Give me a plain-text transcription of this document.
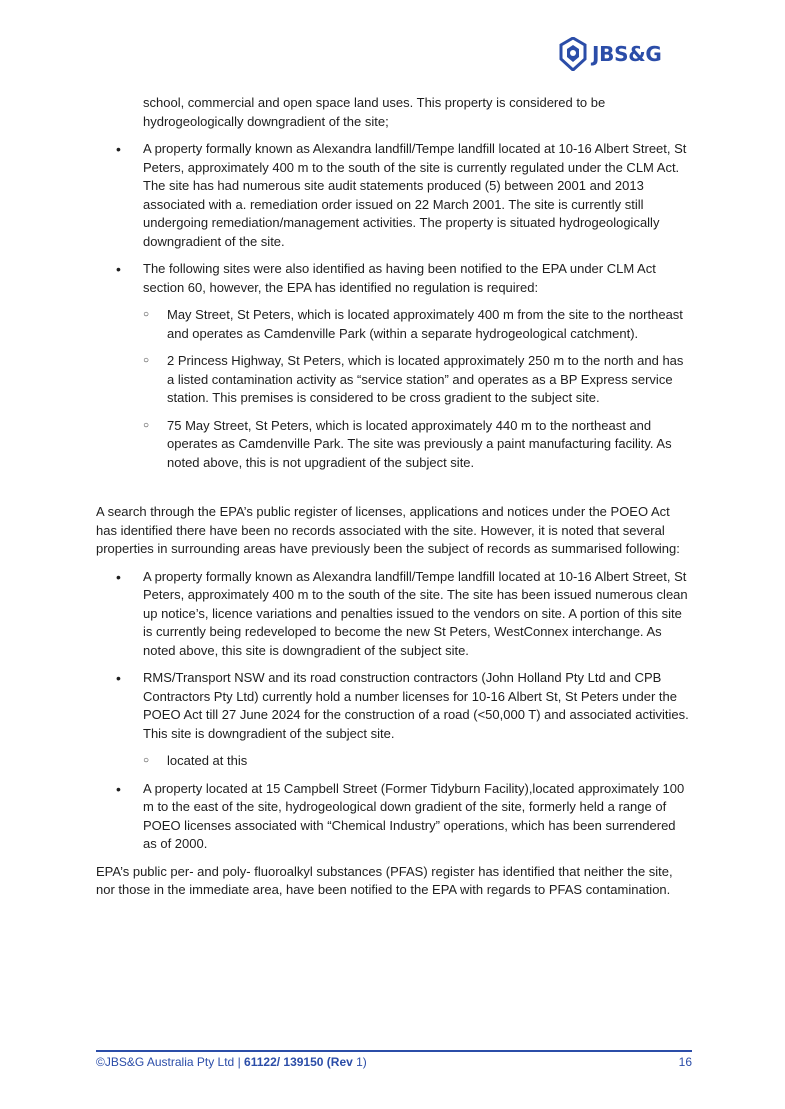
JBS&G

school, commercial and open space land uses. This property is considered to be hydrogeologically downgradient of the site;

• A property formally known as Alexandra landfill/Tempe landfill located at 10-16 Albert Street, St Peters, approximately 400 m to the south of the site is currently regulated under the CLM Act. The site has had numerous site audit statements produced (5) between 2001 and 2013 associated with a. remediation order issued on 22 March 2001. The site is currently still undergoing remediation/management activities. The property is situated hydrogeologically downgradient of the site.
• The following sites were also identified as having been notified to the EPA under CLM Act section 60, however, the EPA has identified no regulation is required:
○ May Street, St Peters, which is located approximately 400 m from the site to the northeast and operates as Camdenville Park (within a separate hydrogeological catchment).
○ 2 Princess Highway, St Peters, which is located approximately 250 m to the north and has a listed contamination activity as “service station” and operates as a BP Express service station. This premises is considered to be cross gradient to the subject site.
○ 75 May Street, St Peters, which is located approximately 440 m to the northeast and operates as Camdenville Park. The site was previously a paint manufacturing facility. As noted above, this is not upgradient of the subject site.

A search through the EPA’s public register of licenses, applications and notices under the POEO Act has identified there have been no records associated with the site. However, it is noted that several properties in surrounding areas have previously been the subject of records as summarised following:

• A property formally known as Alexandra landfill/Tempe landfill located at 10-16 Albert Street, St Peters, approximately 400 m to the south of the site. The site has been issued numerous clean up notice’s, licence variations and penalties issued to the vendors on site. A portion of this site is currently being redeveloped to become the new St Peters, WestConnex interchange. As noted above, this site is downgradient of the subject site.
• RMS/Transport NSW and its road construction contractors (John Holland Pty Ltd and CPB Contractors Pty Ltd) currently hold a number licenses for 10-16 Albert St, St Peters under the POEO Act till 27 June 2024 for the construction of a road (<50,000 T) and associated activities. This site is downgradient of the subject site.
○ located at this
• A property located at 15 Campbell Street (Former Tidyburn Facility),located approximately 100 m to the east of the site, hydrogeological down gradient of the site, formerly held a range of POEO licenses associated with “Chemical Industry” operations, which has been surrendered as of 2000.

EPA’s public per- and poly- fluoroalkyl substances (PFAS) register has identified that neither the site, nor those in the immediate area, have been notified to the EPA with regards to PFAS contamination.

©JBS&G Australia Pty Ltd | 61122/ 139150 (Rev 1)	16
